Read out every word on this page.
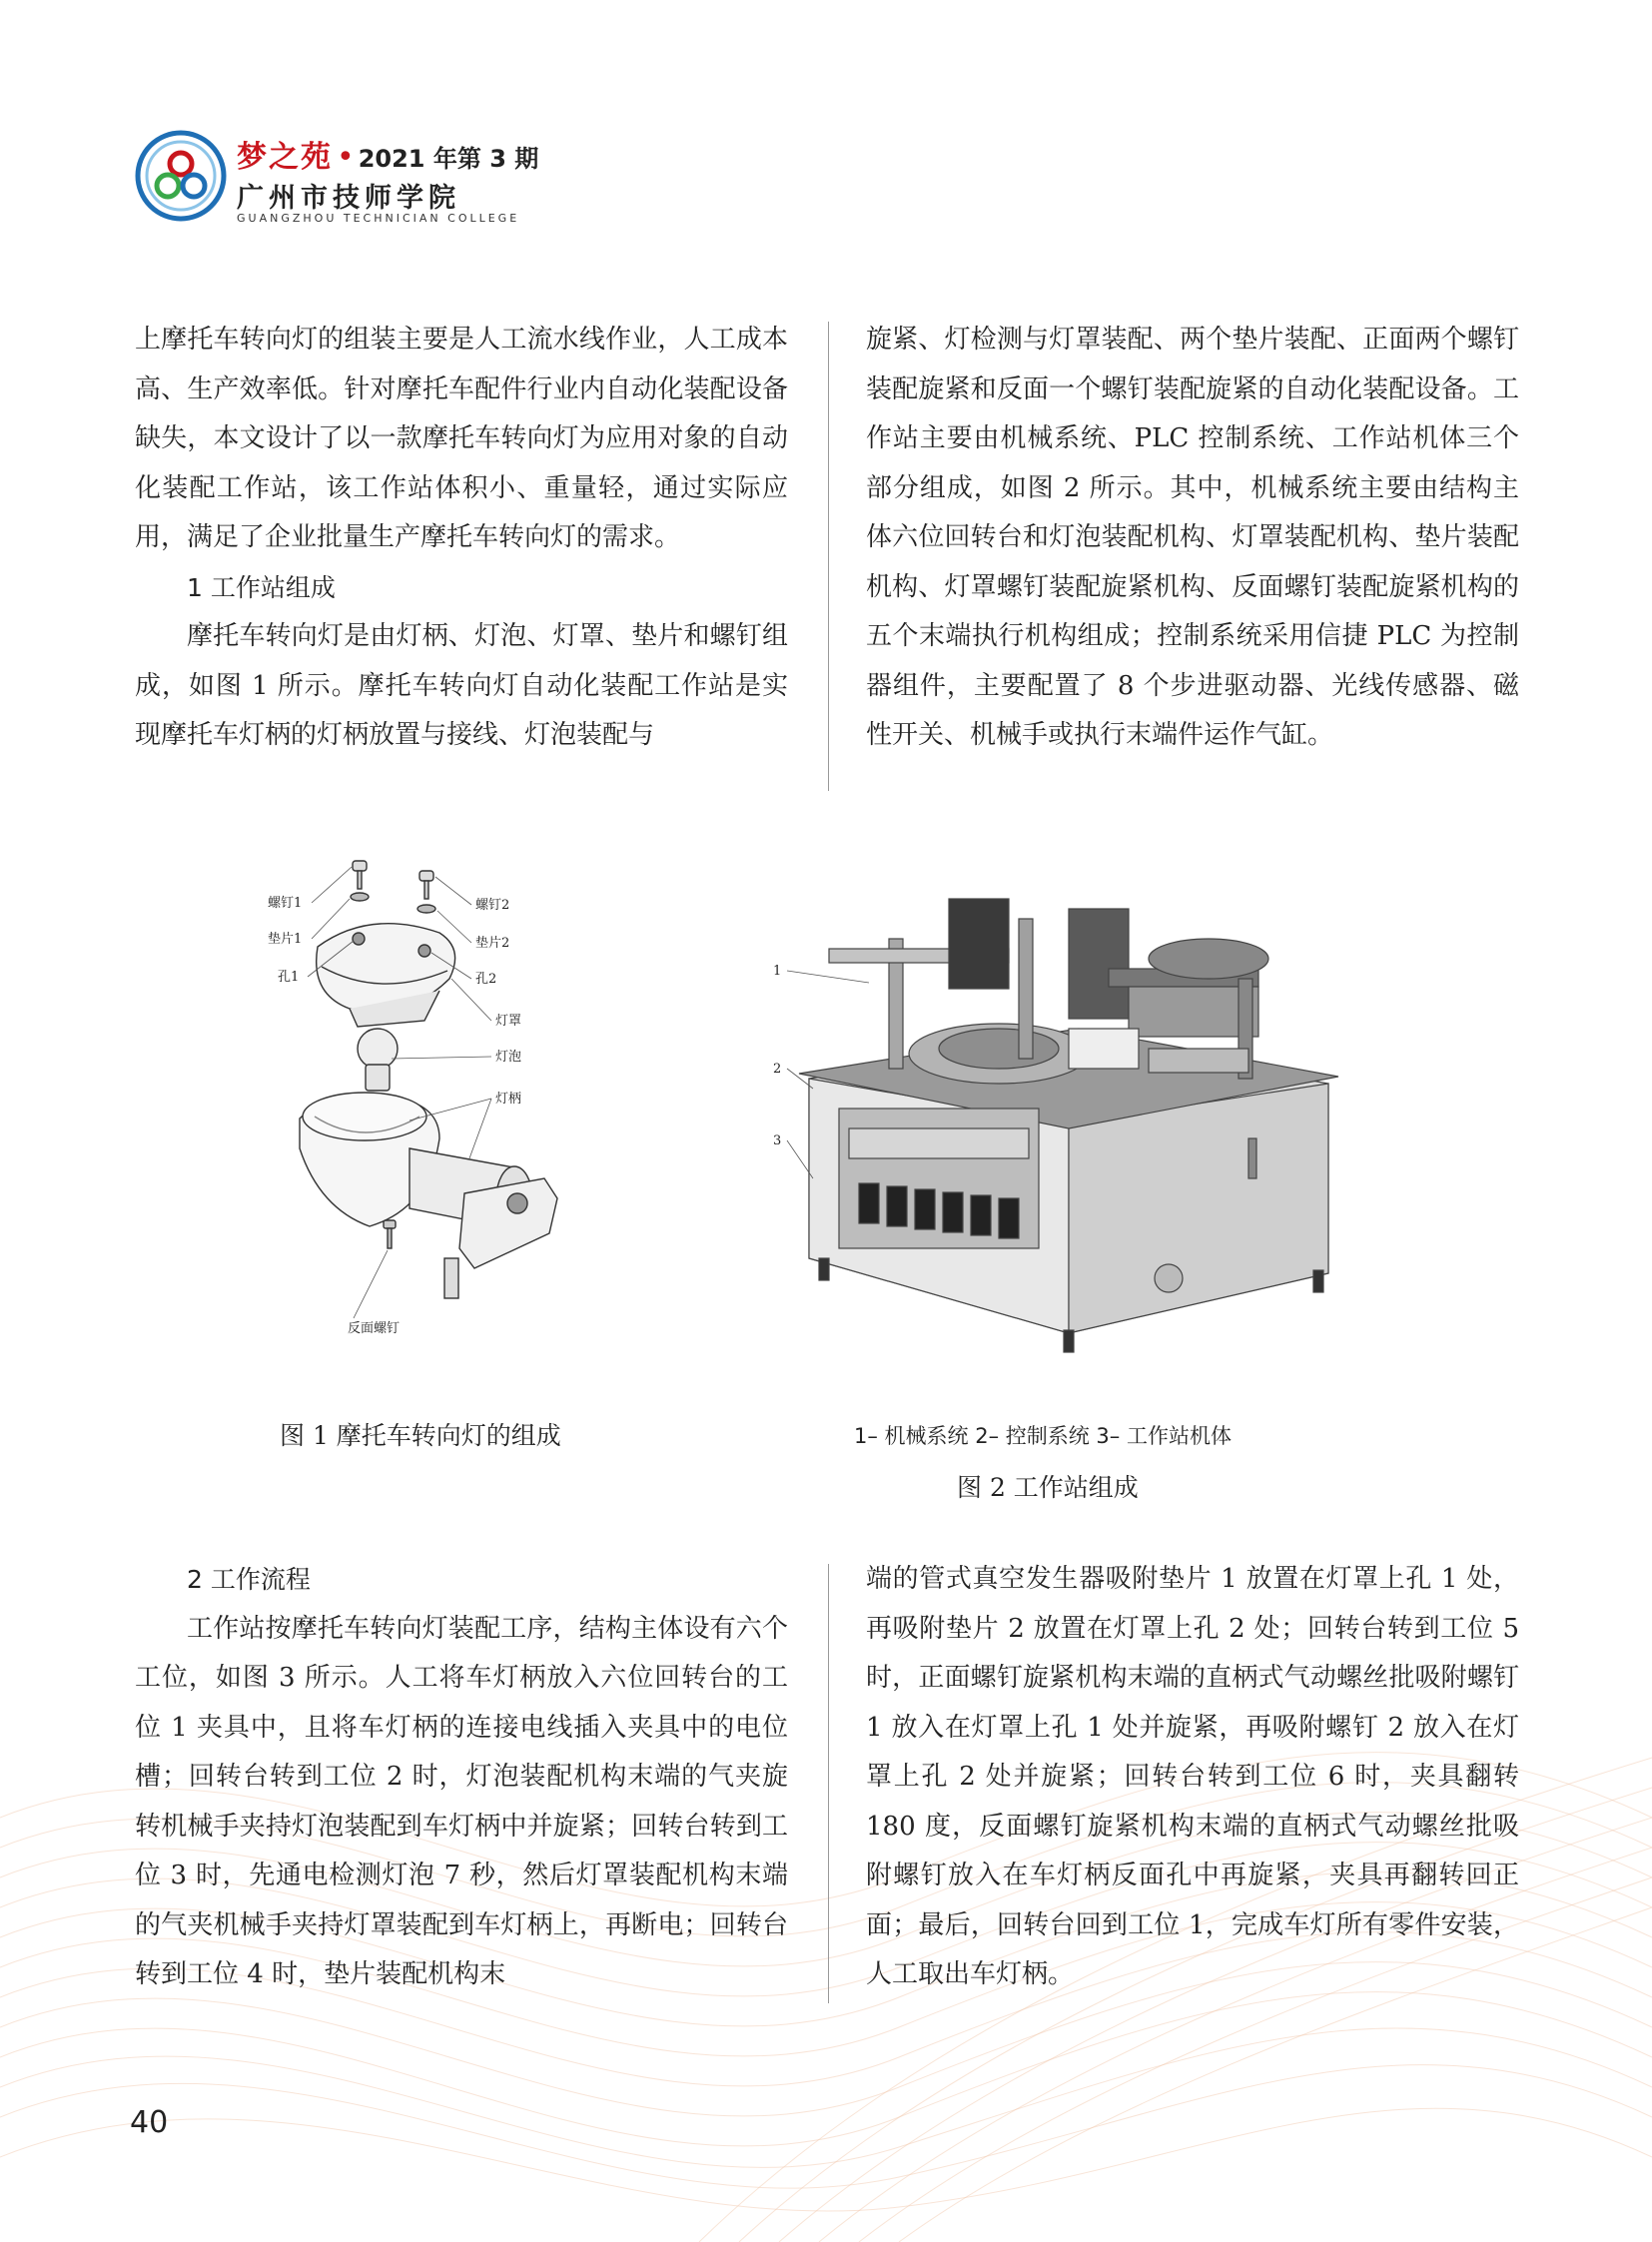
梦之苑 • 2021 年第 3 期
广州市技师学院
GUANGZHOU TECHNICIAN COLLEGE

上摩托车转向灯的组装主要是人工流水线作业，人工成本高、生产效率低。针对摩托车配件行业内自动化装配设备缺失，本文设计了以一款摩托车转向灯为应用对象的自动化装配工作站，该工作站体积小、重量轻，通过实际应用，满足了企业批量生产摩托车转向灯的需求。

1 工作站组成

摩托车转向灯是由灯柄、灯泡、灯罩、垫片和螺钉组成，如图 1 所示。摩托车转向灯自动化装配工作站是实现摩托车灯柄的灯柄放置与接线、灯泡装配与

旋紧、灯检测与灯罩装配、两个垫片装配、正面两个螺钉装配旋紧和反面一个螺钉装配旋紧的自动化装配设备。工作站主要由机械系统、PLC 控制系统、工作站机体三个部分组成，如图 2 所示。其中，机械系统主要由结构主体六位回转台和灯泡装配机构、灯罩装配机构、垫片装配机构、灯罩螺钉装配旋紧机构、反面螺钉装配旋紧机构的五个末端执行机构组成；控制系统采用信捷 PLC 为控制器组件，主要配置了 8 个步进驱动器、光线传感器、磁性开关、机械手或执行末端件运作气缸。

螺钉1
垫片1
孔1
螺钉2
垫片2
孔2
灯罩
灯泡
灯柄
反面螺钉
图 1 摩托车转向灯的组成
1
2
3
1– 机械系统 2– 控制系统 3– 工作站机体
图 2 工作站组成
2 工作流程

工作站按摩托车转向灯装配工序，结构主体设有六个工位，如图 3 所示。人工将车灯柄放入六位回转台的工位 1 夹具中，且将车灯柄的连接电线插入夹具中的电位槽；回转台转到工位 2 时，灯泡装配机构末端的气夹旋转机械手夹持灯泡装配到车灯柄中并旋紧；回转台转到工位 3 时，先通电检测灯泡 7 秒，然后灯罩装配机构末端的气夹机械手夹持灯罩装配到车灯柄上，再断电；回转台转到工位 4 时，垫片装配机构末

端的管式真空发生器吸附垫片 1 放置在灯罩上孔 1 处，再吸附垫片 2 放置在灯罩上孔 2 处；回转台转到工位 5 时，正面螺钉旋紧机构末端的直柄式气动螺丝批吸附螺钉 1 放入在灯罩上孔 1 处并旋紧，再吸附螺钉 2 放入在灯罩上孔 2 处并旋紧；回转台转到工位 6 时，夹具翻转 180 度，反面螺钉旋紧机构末端的直柄式气动螺丝批吸附螺钉放入在车灯柄反面孔中再旋紧，夹具再翻转回正面；最后，回转台回到工位 1，完成车灯所有零件安装，人工取出车灯柄。

40
